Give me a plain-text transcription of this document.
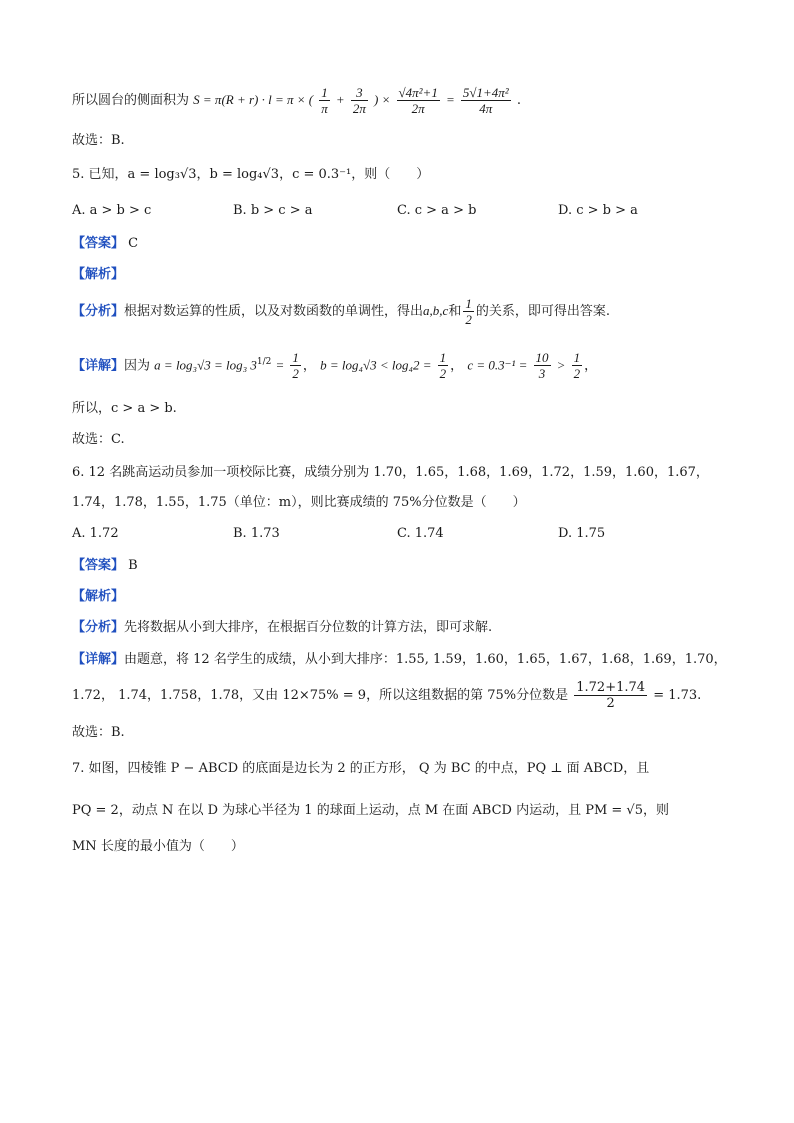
所以圆台的侧面积为 S = π(R + r) · l = π × ( $\frac{1}{\pi} + \frac{3}{2\pi}$ ) × $\frac{\text{√4π²+1}}{2\pi} = \frac{\text{5√1+4π²}}{4\pi}$ .
故选：B.
5. 已知，a = log₃√3，b = log₄√3，c = 0.3⁻¹，则（　　）
A. a > b > c	B. b > c > a	C. c > a > b	D. c > b > a
【答案】 C
【解析】
【分析】根据对数运算的性质，以及对数函数的单调性，得出a,b,c和 $\frac{1}{2}$ 的关系，即可得出答案.
【详解】因为 a = log₃√3 = log₃ $3^{1/2} = \frac{1}{2}$ ， $b = \log_4√3 < \log_42 = \frac{1}{2}$ ， $c = 0.3^{-1} = \frac{10}{3} > \frac{1}{2}$ ，
所以，c > a > b.
故选：C.
6. 12 名跳高运动员参加一项校际比赛，成绩分别为 1.70，1.65，1.68，1.69，1.72，1.59，1.60，1.67，
1.74，1.78，1.55，1.75（单位：m），则比赛成绩的 75%分位数是（　　）
A. 1.72	B. 1.73	C. 1.74	D. 1.75
【答案】 B
【解析】
【分析】先将数据从小到大排序，在根据百分位数的计算方法，即可求解.
【详解】由题意，将 12 名学生的成绩，从小到大排序：1.55, 1.59，1.60，1.65，1.67，1.68，1.69，1.70，
1.72， 1.74，1.758，1.78，又由 12×75% = 9，所以这组数据的第 75%分位数是 $\frac{1.72+1.74}{2} = 1.73$.
故选：B.
7. 如图，四棱锥 P − ABCD 的底面是边长为 2 的正方形， Q 为 BC 的中点，PQ ⊥ 面 ABCD，且
PQ = 2，动点 N 在以 D 为球心半径为 1 的球面上运动，点 M 在面 ABCD 内运动，且 PM = √5，则
MN 长度的最小值为（　　）
